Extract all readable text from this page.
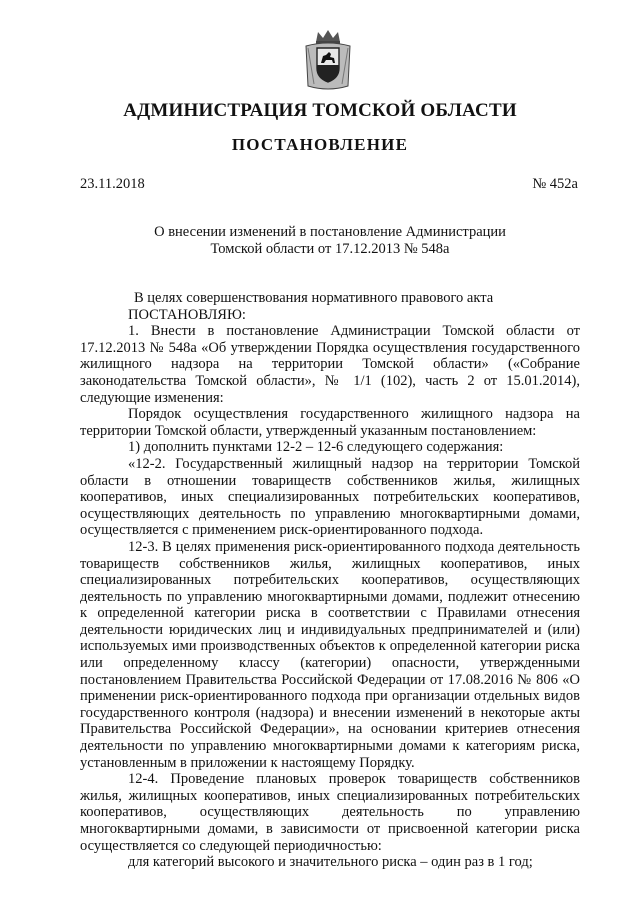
АДМИНИСТРАЦИЯ ТОМСКОЙ ОБЛАСТИ
ПОСТАНОВЛЕНИЕ
23.11.2018	№ 452а
О внесении изменений в постановление Администрации
Томской области от 17.12.2013 № 548а

В целях совершенствования нормативного правового акта

ПОСТАНОВЛЯЮ:

1. Внести в постановление Администрации Томской области от 17.12.2013 № 548а «Об утверждении Порядка осуществления государственного жилищного надзора на территории Томской области» («Собрание законодательства Томской области», № 1/1 (102), часть 2 от 15.01.2014), следующие изменения:

Порядок осуществления государственного жилищного надзора на территории Томской области, утвержденный указанным постановлением:

1) дополнить пунктами 12-2 – 12-6 следующего содержания:

«12-2. Государственный жилищный надзор на территории Томской области в отношении товариществ собственников жилья, жилищных кооперативов, иных специализированных потребительских кооперативов, осуществляющих деятельность по управлению многоквартирными домами, осуществляется с применением риск-ориентированного подхода.

12-3. В целях применения риск-ориентированного подхода деятельность товариществ собственников жилья, жилищных кооперативов, иных специализированных потребительских кооперативов, осуществляющих деятельность по управлению многоквартирными домами, подлежит отнесению к определенной категории риска в соответствии с Правилами отнесения деятельности юридических лиц и индивидуальных предпринимателей и (или) используемых ими производственных объектов к определенной категории риска или определенному классу (категории) опасности, утвержденными постановлением Правительства Российской Федерации от 17.08.2016 № 806 «О применении риск-ориентированного подхода при организации отдельных видов государственного контроля (надзора) и внесении изменений в некоторые акты Правительства Российской Федерации», на основании критериев отнесения деятельности по управлению многоквартирными домами к категориям риска, установленным в приложении к настоящему Порядку.

12-4. Проведение плановых проверок товариществ собственников жилья, жилищных кооперативов, иных специализированных потребительских кооперативов, осуществляющих деятельность по управлению многоквартирными домами, в зависимости от присвоенной категории риска осуществляется со следующей периодичностью:

для категорий высокого и значительного риска – один раз в 1 год;
